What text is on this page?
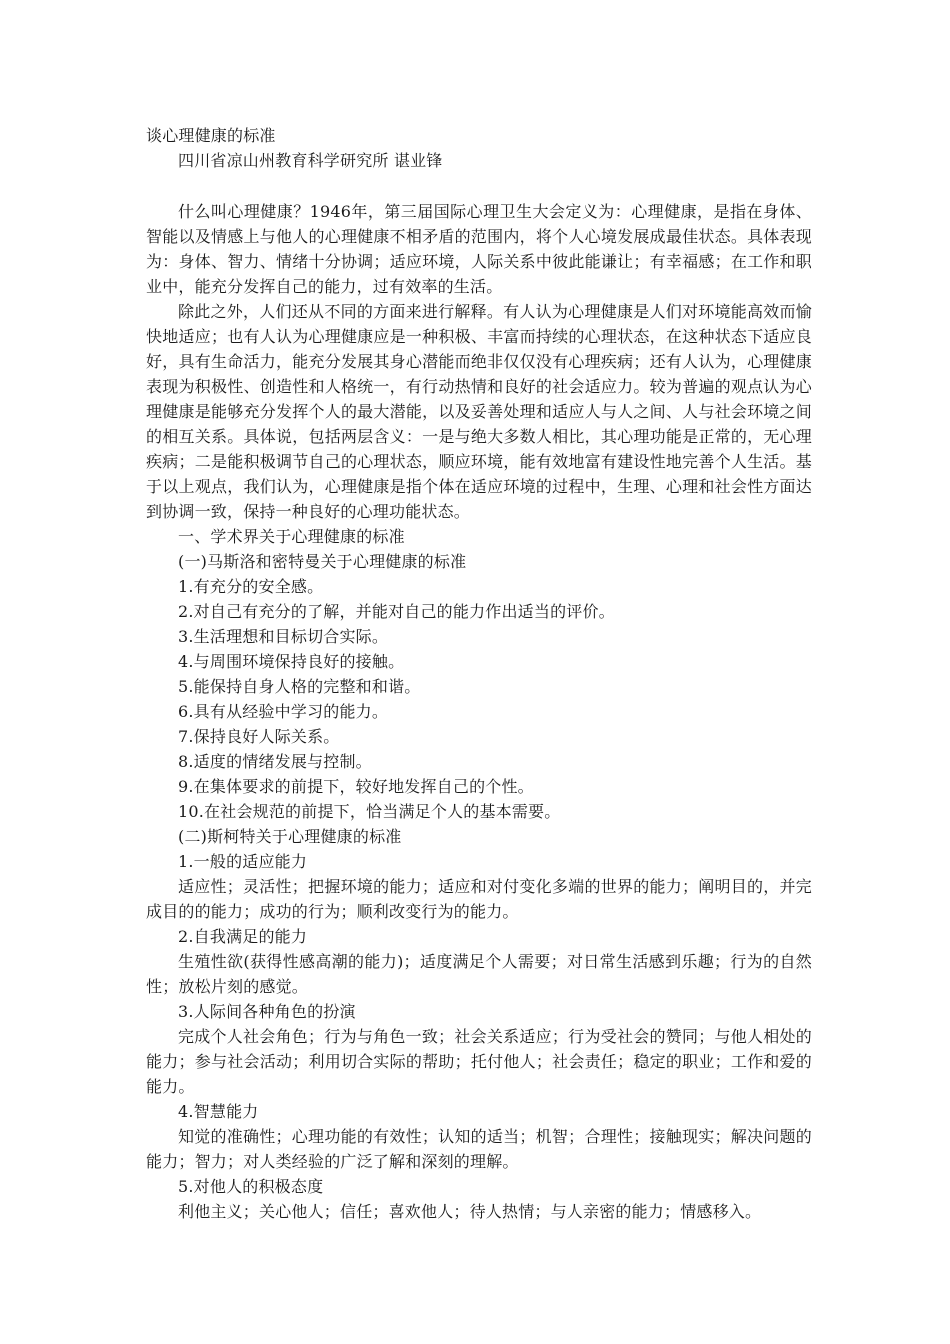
谈心理健康的标准

四川省凉山州教育科学研究所 谌业锋

什么叫心理健康？1946年，第三届国际心理卫生大会定义为：心理健康，是指在身体、智能以及情感上与他人的心理健康不相矛盾的范围内，将个人心境发展成最佳状态。具体表现为：身体、智力、情绪十分协调；适应环境，人际关系中彼此能谦让；有幸福感；在工作和职业中，能充分发挥自己的能力，过有效率的生活。

除此之外，人们还从不同的方面来进行解释。有人认为心理健康是人们对环境能高效而愉快地适应；也有人认为心理健康应是一种积极、丰富而持续的心理状态，在这种状态下适应良好，具有生命活力，能充分发展其身心潜能而绝非仅仅没有心理疾病；还有人认为，心理健康表现为积极性、创造性和人格统一，有行动热情和良好的社会适应力。较为普遍的观点认为心理健康是能够充分发挥个人的最大潜能，以及妥善处理和适应人与人之间、人与社会环境之间的相互关系。具体说，包括两层含义：一是与绝大多数人相比，其心理功能是正常的，无心理疾病；二是能积极调节自己的心理状态，顺应环境，能有效地富有建设性地完善个人生活。基于以上观点，我们认为，心理健康是指个体在适应环境的过程中，生理、心理和社会性方面达到协调一致，保持一种良好的心理功能状态。

一、学术界关于心理健康的标准

(一)马斯洛和密特曼关于心理健康的标准

1.有充分的安全感。

2.对自己有充分的了解，并能对自己的能力作出适当的评价。

3.生活理想和目标切合实际。

4.与周围环境保持良好的接触。

5.能保持自身人格的完整和和谐。

6.具有从经验中学习的能力。

7.保持良好人际关系。

8.适度的情绪发展与控制。

9.在集体要求的前提下，较好地发挥自己的个性。

10.在社会规范的前提下，恰当满足个人的基本需要。

(二)斯柯特关于心理健康的标准

1.一般的适应能力

适应性；灵活性；把握环境的能力；适应和对付变化多端的世界的能力；阐明目的，并完成目的的能力；成功的行为；顺利改变行为的能力。

2.自我满足的能力

生殖性欲(获得性感高潮的能力)；适度满足个人需要；对日常生活感到乐趣；行为的自然性；放松片刻的感觉。

3.人际间各种角色的扮演

完成个人社会角色；行为与角色一致；社会关系适应；行为受社会的赞同；与他人相处的能力；参与社会活动；利用切合实际的帮助；托付他人；社会责任；稳定的职业；工作和爱的能力。

4.智慧能力

知觉的准确性；心理功能的有效性；认知的适当；机智；合理性；接触现实；解决问题的能力；智力；对人类经验的广泛了解和深刻的理解。

5.对他人的积极态度

利他主义；关心他人；信任；喜欢他人；待人热情；与人亲密的能力；情感移入。
